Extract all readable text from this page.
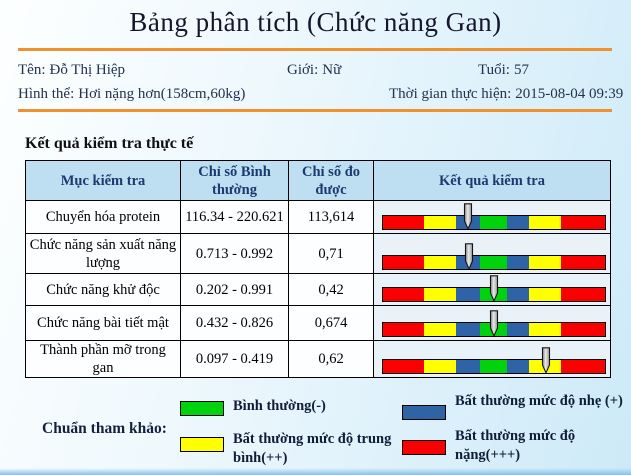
Bảng phân tích (Chức năng Gan)
Tên: Đỗ Thị Hiệp	Giới: Nữ	Tuổi: 57
Hình thể: Hơi nặng hơn(158cm,60kg)	Thời gian thực hiện: 2015-08-04 09:39
Kết quả kiểm tra thực tế
Mục kiểm tra	Chỉ số Bình thường	Chỉ số đo được	Kết quả kiểm tra
Chuyển hóa protein	116.34 - 220.621	113,614	

Chức năng sản xuất năng lượng	0.713 - 0.992	0,71	

Chức năng khử độc	0.202 - 0.991	0,42	

Chức năng bài tiết mật	0.432 - 0.826	0,674	

Thành phần mỡ trong gan	0.097 - 0.419	0,62	
Chuẩn tham khảo:
Bình thường(-)
Bất thường mức độ trung bình(++)
Bất thường mức độ nhẹ (+)
Bất thường mức độ nặng(+++)
